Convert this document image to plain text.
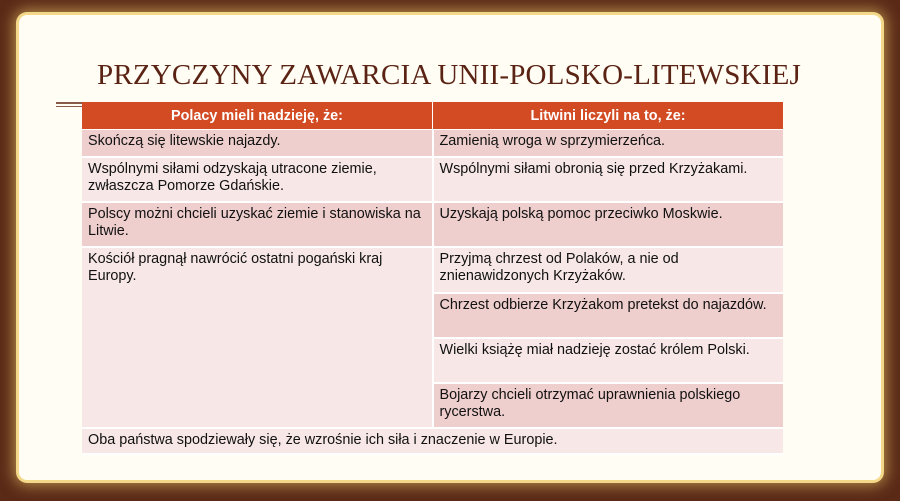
PRZYCZYNY ZAWARCIA UNII-POLSKO-LITEWSKIEJ
Polacy mieli nadzieję, że:	Litwini liczyli na to, że:
Skończą się litewskie najazdy.	Zamienią wroga w sprzymierzeńca.
Wspólnymi siłami odzyskają utracone ziemie, zwłaszcza Pomorze Gdańskie.	Wspólnymi siłami obronią się przed Krzyżakami.
Polscy możni chcieli uzyskać ziemie i stanowiska na Litwie.	Uzyskają polską pomoc przeciwko Moskwie.
Kościół pragnął nawrócić ostatni pogański kraj Europy.	Przyjmą chrzest od Polaków, a nie od znienawidzonych Krzyżaków.
	Chrzest odbierze Krzyżakom pretekst do najazdów.
	Wielki książę miał nadzieję zostać królem Polski.
	Bojarzy chcieli otrzymać uprawnienia polskiego rycerstwa.
Oba państwa spodziewały się, że wzrośnie ich siła i znaczenie w Europie.	
